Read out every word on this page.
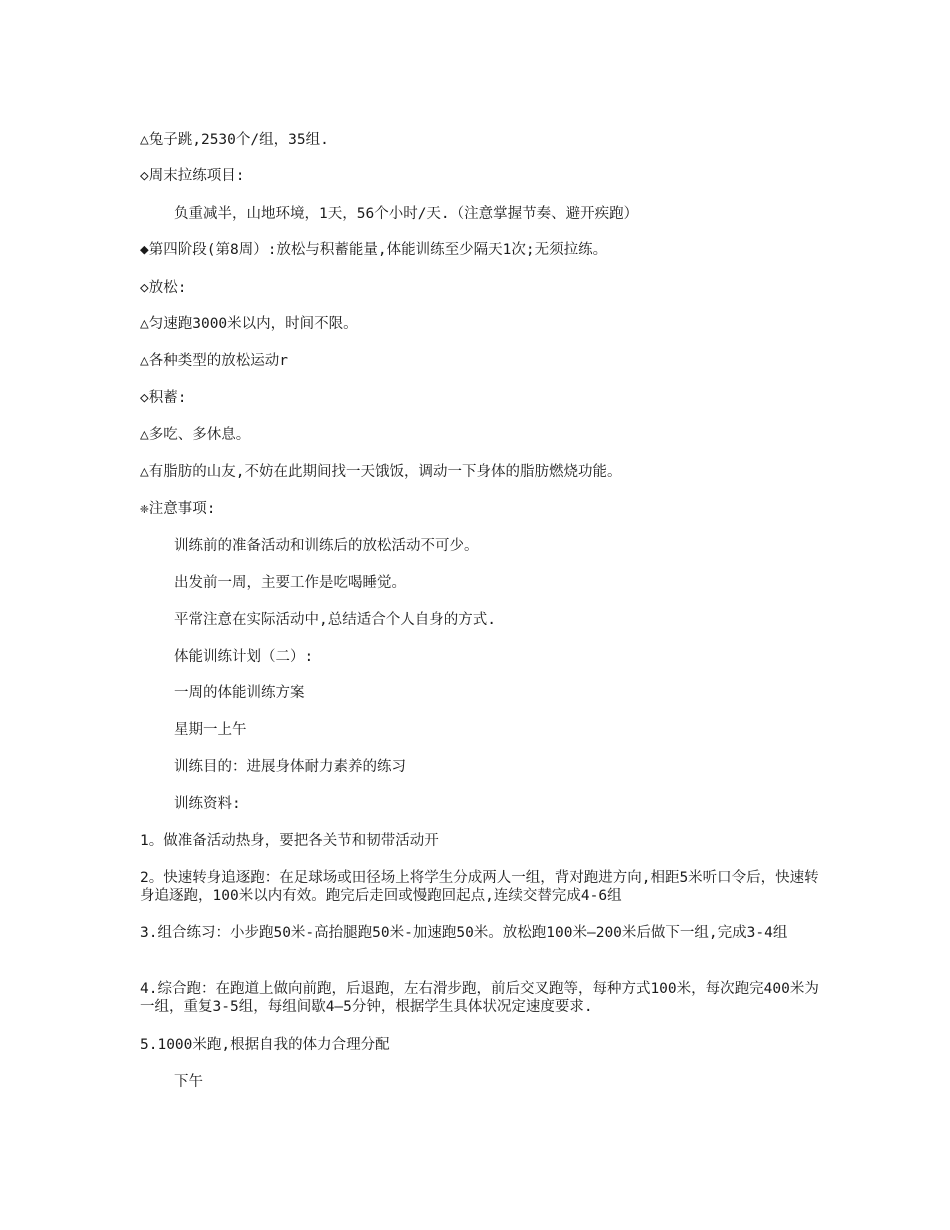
△兔子跳,2530个/组，35组.
◇周末拉练项目:
负重减半，山地环境，1天，56个小时/天.（注意掌握节奏、避开疾跑）
◆第四阶段(第8周）:放松与积蓄能量,体能训练至少隔天1次;无须拉练。
◇放松:
△匀速跑3000米以内，时间不限。
△各种类型的放松运动r
◇积蓄:
△多吃、多休息。
△有脂肪的山友,不妨在此期间找一天饿饭，调动一下身体的脂肪燃烧功能。
❈注意事项:
训练前的准备活动和训练后的放松活动不可少。
出发前一周，主要工作是吃喝睡觉。
平常注意在实际活动中,总结适合个人自身的方式.
体能训练计划（二）:
一周的体能训练方案
星期一上午
训练目的：进展身体耐力素养的练习
训练资料:
1。做准备活动热身，要把各关节和韧带活动开
2。快速转身追逐跑：在足球场或田径场上将学生分成两人一组，背对跑进方向,相距5米听口令后，快速转身追逐跑，100米以内有效。跑完后走回或慢跑回起点,连续交替完成4-6组
3.组合练习：小步跑50米-高抬腿跑50米-加速跑50米。放松跑100米—200米后做下一组,完成3-4组
4.综合跑：在跑道上做向前跑，后退跑，左右滑步跑，前后交叉跑等，每种方式100米，每次跑完400米为一组，重复3-5组，每组间歇4—5分钟，根据学生具体状况定速度要求.
5.1000米跑,根据自我的体力合理分配
下午
